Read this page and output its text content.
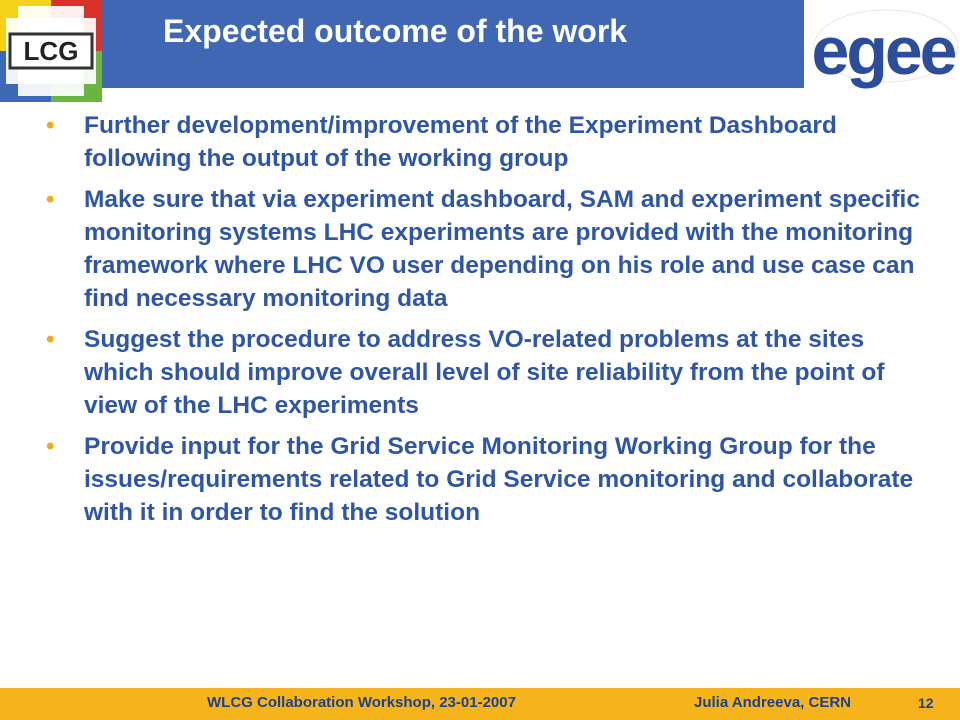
LCG	egee
Expected outcome of the work
• Further development/improvement of the Experiment Dashboard following the output of the working group
• Make sure that via experiment dashboard, SAM and experiment specific monitoring systems LHC experiments are provided with the monitoring framework where LHC VO user depending on his role and use case can find necessary monitoring data
• Suggest the procedure to address VO-related problems at the sites which should improve overall level of site reliability from the point of view of the LHC experiments
• Provide input for the Grid Service Monitoring Working Group for the issues/requirements related to Grid Service monitoring and collaborate with it in order to find the solution
WLCG Collaboration Workshop, 23-01-2007	Julia Andreeva, CERN	12
